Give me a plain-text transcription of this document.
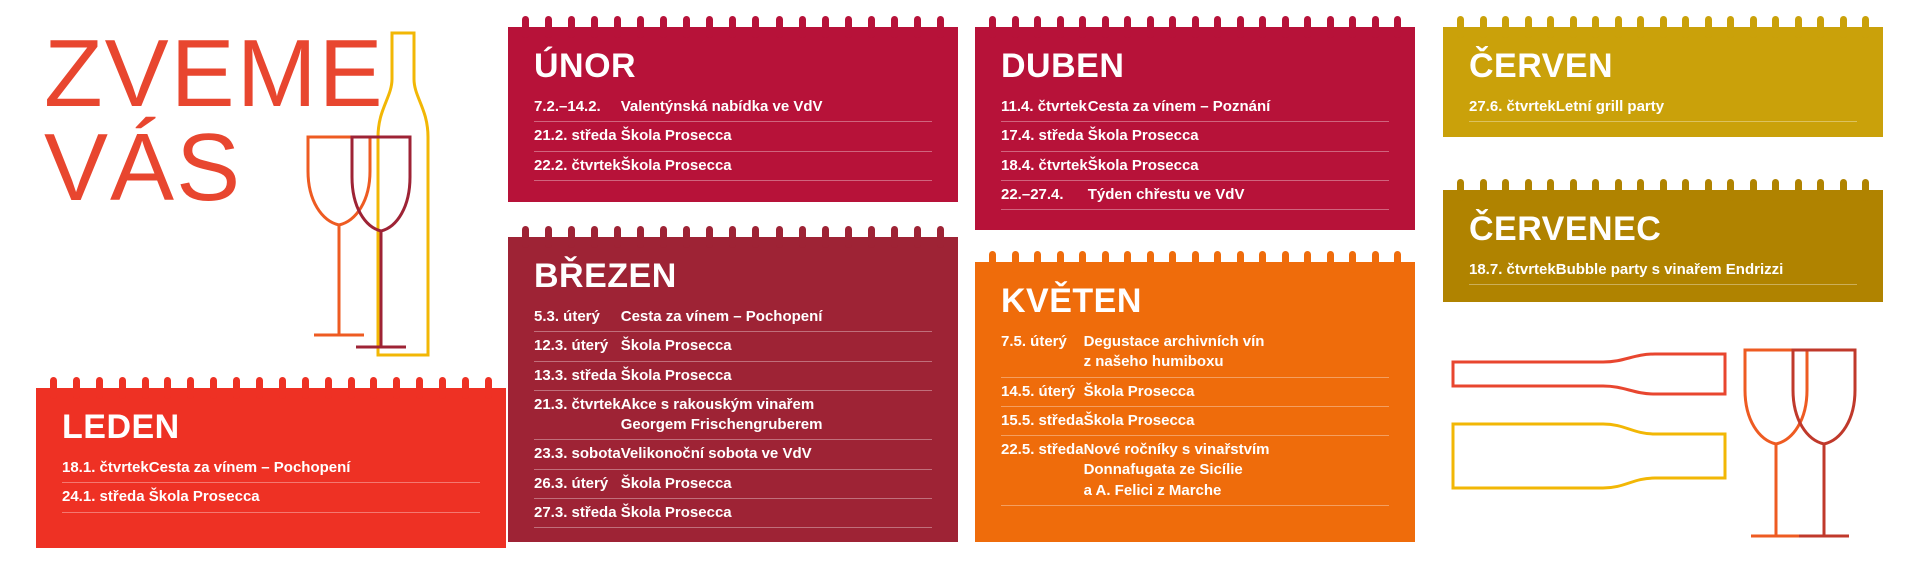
ZVEME
VÁS
LEDEN
18.1. čtvrtek	Cesta za vínem – Pochopení
24.1. středa	Škola Prosecca
ÚNOR
7.2.–14.2.	Valentýnská nabídka ve VdV
21.2. středa	Škola Prosecca
22.2. čtvrtek	Škola Prosecca
BŘEZEN
5.3. úterý	Cesta za vínem – Pochopení
12.3. úterý	Škola Prosecca
13.3. středa	Škola Prosecca
21.3. čtvrtek	Akce s rakouským vinařem
Georgem Frischengruberem

23.3. sobota	Velikonoční sobota ve VdV
26.3. úterý	Škola Prosecca
27.3. středa	Škola Prosecca
DUBEN
11.4. čtvrtek	Cesta za vínem – Poznání
17.4. středa	Škola Prosecca
18.4. čtvrtek	Škola Prosecca
22.–27.4.	Týden chřestu ve VdV
KVĚTEN
7.5. úterý	Degustace archivních vín
z našeho humiboxu

14.5. úterý	Škola Prosecca
15.5. středa	Škola Prosecca
22.5. středa	Nové ročníky s vinařstvím
Donnafugata ze Sicílie
a A. Felici z Marche
ČERVEN
27.6. čtvrtek	Letní grill party
ČERVENEC
18.7. čtvrtek	Bubble party s vinařem Endrizzi
